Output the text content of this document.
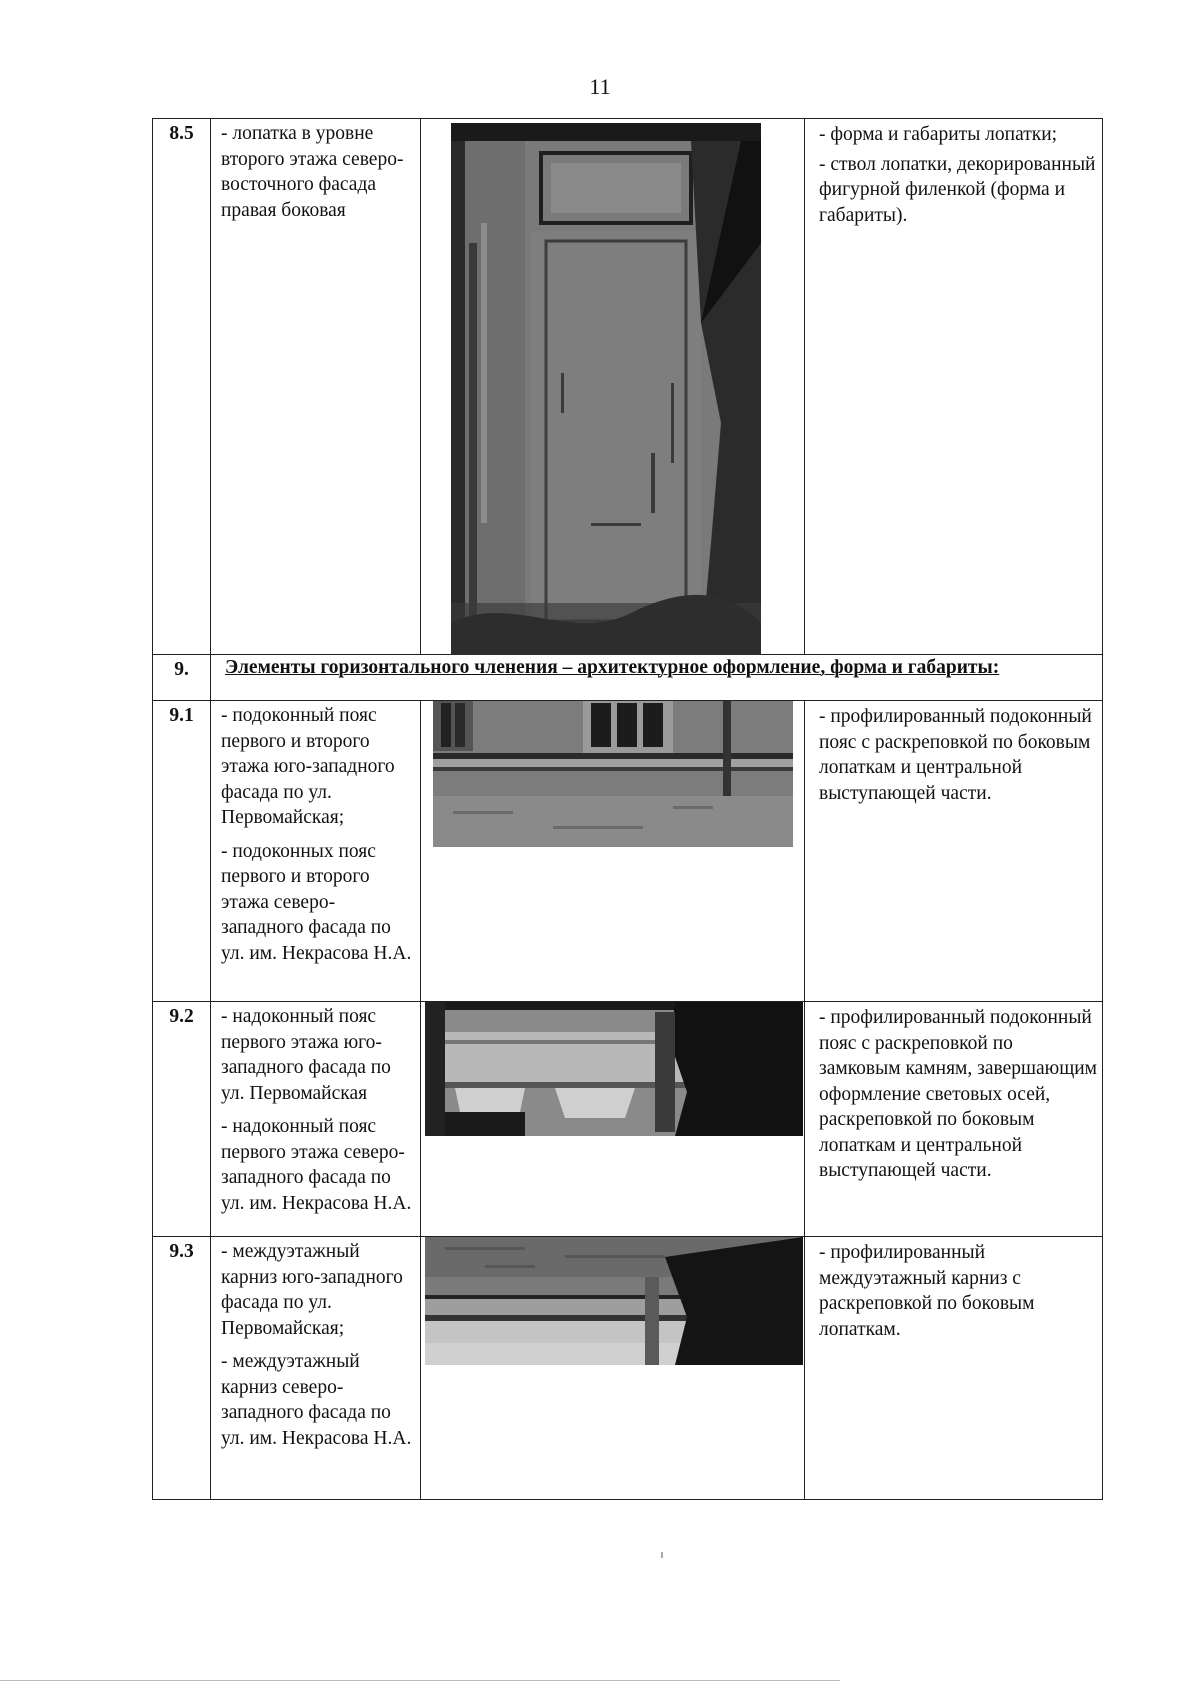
11
8.5	- лопатка в уровне второго этажа северо-восточного фасада правая боковая		- форма и габариты лопатки;
- ствол лопатки, декорированный фигурной филенкой (форма и габариты).

9.	Элементы горизонтального членения – архитектурное оформление, форма и габариты:		
9.1	- подоконный пояс первого и второго этажа юго-западного фасада по ул. Первомайская;
- подоконных пояс первого и второго этажа северо-западного фасада по ул. им. Некрасова Н.А.		- профилированный подоконный пояс с раскреповкой по боковым лопаткам и центральной выступающей части.

9.2	- надоконный пояс первого этажа юго-западного фасада по ул. Первомайская
- надоконный пояс первого этажа северо-западного фасада по ул. им. Некрасова Н.А.		- профилированный подоконный пояс с раскреповкой по замковым камням, завершающим оформление световых осей, раскреповкой по боковым лопаткам и центральной выступающей части.

9.3	- междуэтажный карниз юго-западного фасада по ул. Первомайская;
- междуэтажный карниз северо-западного фасада по ул. им. Некрасова Н.А.		- профилированный междуэтажный карниз с раскреповкой по боковым лопаткам.
